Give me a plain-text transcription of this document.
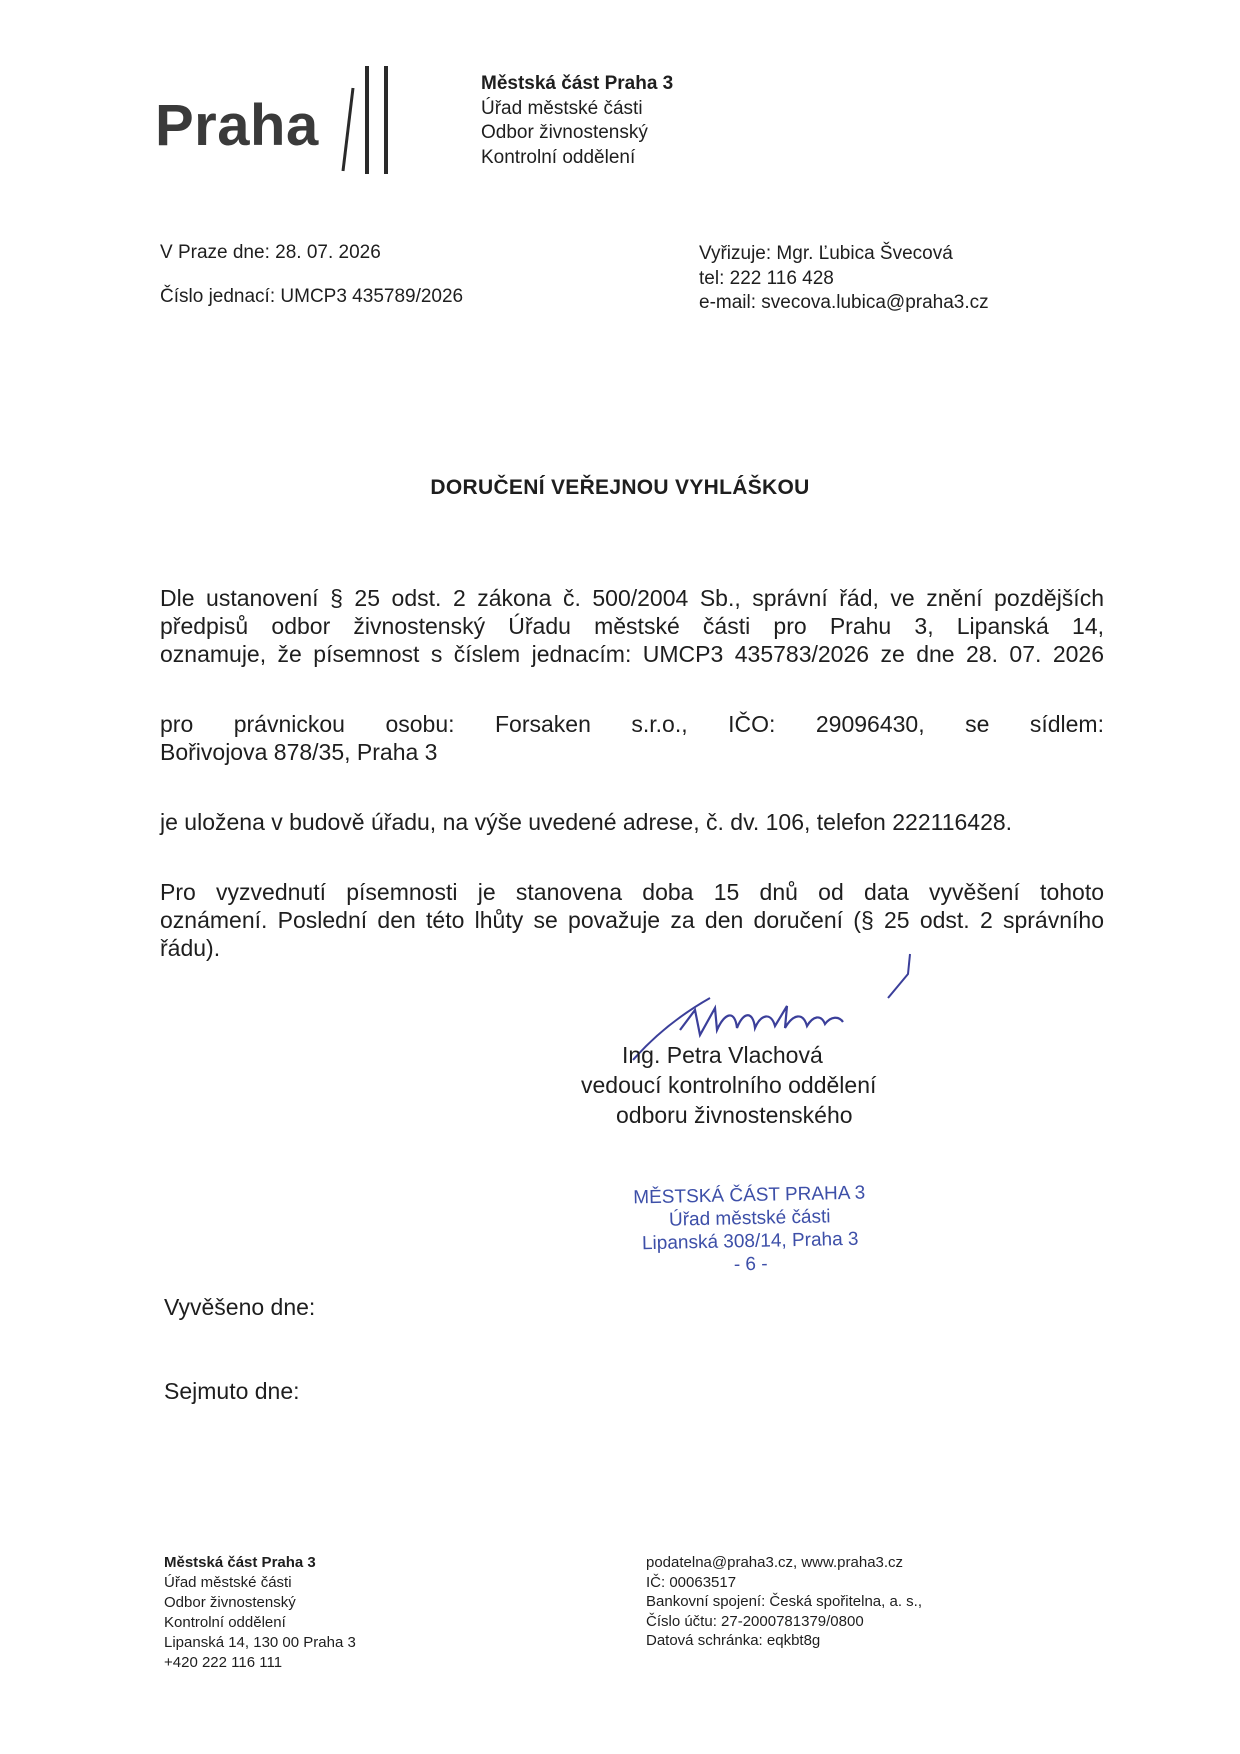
Praha
Městská část Praha 3
Úřad městské části
Odbor živnostenský
Kontrolní oddělení
V Praze dne: 28. 07. 2026
Číslo jednací: UMCP3 435789/2026
Vyřizuje: Mgr. Ľubica Švecová
tel: 222 116 428
e-mail: svecova.lubica@praha3.cz
DORUČENÍ VEŘEJNOU VYHLÁŠKOU
Dle ustanovení § 25 odst. 2 zákona č. 500/2004 Sb., správní řád, ve znění pozdějších
předpisů odbor živnostenský Úřadu městské části pro Prahu 3, Lipanská 14,
oznamuje, že písemnost s číslem jednacím: UMCP3 435783/2026 ze dne 28. 07. 2026
pro právnickou osobu: Forsaken s.r.o., IČO: 29096430, se sídlem:
Bořivojova 878/35, Praha 3
je uložena v budově úřadu, na výše uvedené adrese, č. dv. 106, telefon 222116428.
Pro vyzvednutí písemnosti je stanovena doba 15 dnů od data vyvěšení tohoto
oznámení. Poslední den této lhůty se považuje za den doručení (§ 25 odst. 2 správního
řádu).
Ing. Petra Vlachová
vedoucí kontrolního oddělení
odboru živnostenského
MĚSTSKÁ ČÁST PRAHA 3
Úřad městské části
Lipanská 308/14, Praha 3
- 6 -
Vyvěšeno dne:
Sejmuto dne:
Městská část Praha 3
Úřad městské části
Odbor živnostenský
Kontrolní oddělení
Lipanská 14, 130 00 Praha 3
+420 222 116 111
podatelna@praha3.cz, www.praha3.cz
IČ: 00063517
Bankovní spojení: Česká spořitelna, a. s.,
Číslo účtu: 27-2000781379/0800
Datová schránka: eqkbt8g
